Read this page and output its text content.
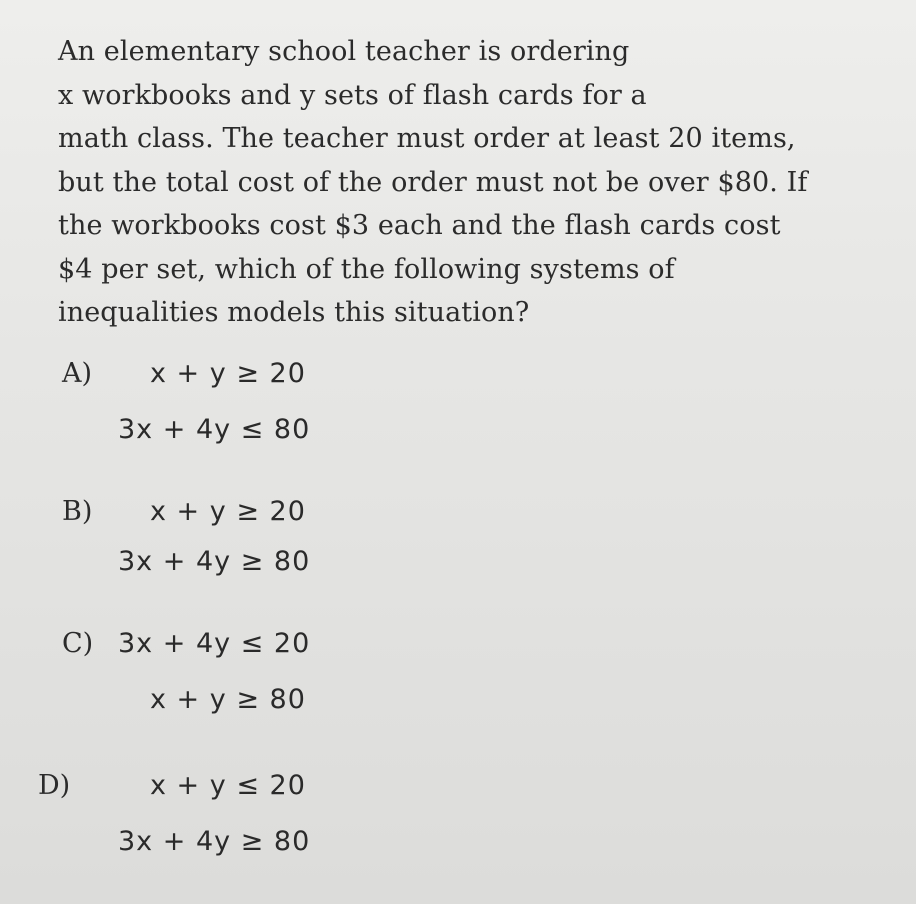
An elementary school teacher is ordering
x workbooks and y sets of flash cards for a
math class. The teacher must order at least 20 items,
but the total cost of the order must not be over $80. If
the workbooks cost $3 each and the flash cards cost
$4 per set, which of the following systems of
inequalities models this situation?
A) x + y ≥ 20
3x + 4y ≤ 80
B) x + y ≥ 20
3x + 4y ≥ 80
C) 3x + 4y ≤ 20
x + y ≥ 80
D)	x + y ≤ 20
3x + 4y ≥ 80
